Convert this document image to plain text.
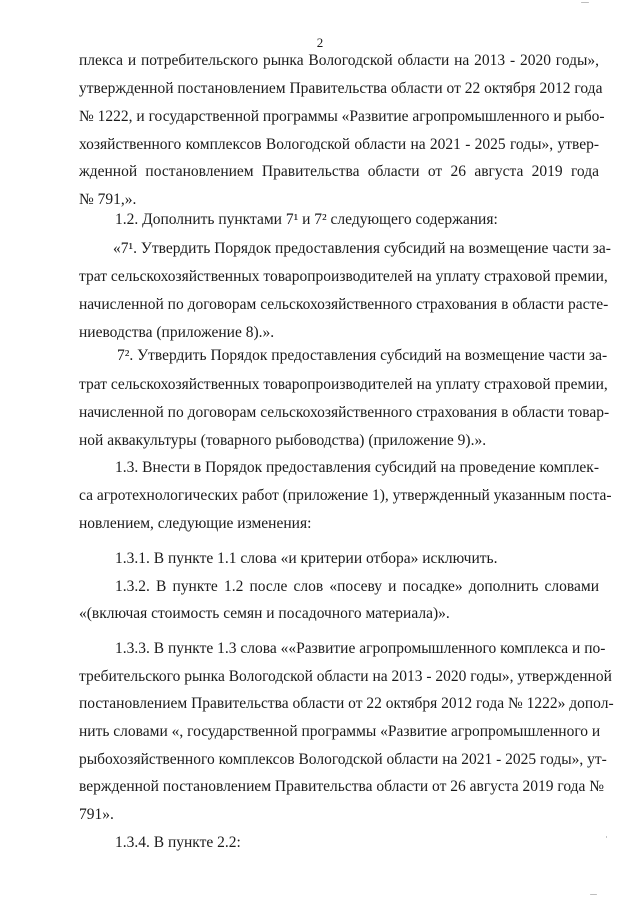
2
плекса и потребительского рынка Вологодской области на 2013 - 2020 годы»,
утвержденной постановлением Правительства области от 22 октября 2012 года
№ 1222, и государственной программы «Развитие агропромышленного и рыбо-
хозяйственного комплексов Вологодской области на 2021 - 2025 годы», утвер-
жденной постановлением Правительства области от 26 августа 2019 года
№ 791,».
1.2. Дополнить пунктами 7¹ и 7² следующего содержания:
«7¹. Утвердить Порядок предоставления субсидий на возмещение части за-
трат сельскохозяйственных товаропроизводителей на уплату страховой премии,
начисленной по договорам сельскохозяйственного страхования в области расте-
ниеводства (приложение 8).».
7². Утвердить Порядок предоставления субсидий на возмещение части за-
трат сельскохозяйственных товаропроизводителей на уплату страховой премии,
начисленной по договорам сельскохозяйственного страхования в области товар-
ной аквакультуры (товарного рыбоводства) (приложение 9).».
1.3. Внести в Порядок предоставления субсидий на проведение комплек-
са агротехнологических работ (приложение 1), утвержденный указанным поста-
новлением, следующие изменения:
1.3.1. В пункте 1.1 слова «и критерии отбора» исключить.
1.3.2. В пункте 1.2 после слов «посеву и посадке» дополнить словами
«(включая стоимость семян и посадочного материала)».
1.3.3. В пункте 1.3 слова ««Развитие агропромышленного комплекса и по-
требительского рынка Вологодской области на 2013 - 2020 годы», утвержденной
постановлением Правительства области от 22 октября 2012 года № 1222» допол-
нить словами «, государственной программы «Развитие агропромышленного и
рыбохозяйственного комплексов Вологодской области на 2021 - 2025 годы», ут-
вержденной постановлением Правительства области от 26 августа 2019 года №
791».
1.3.4. В пункте 2.2:
